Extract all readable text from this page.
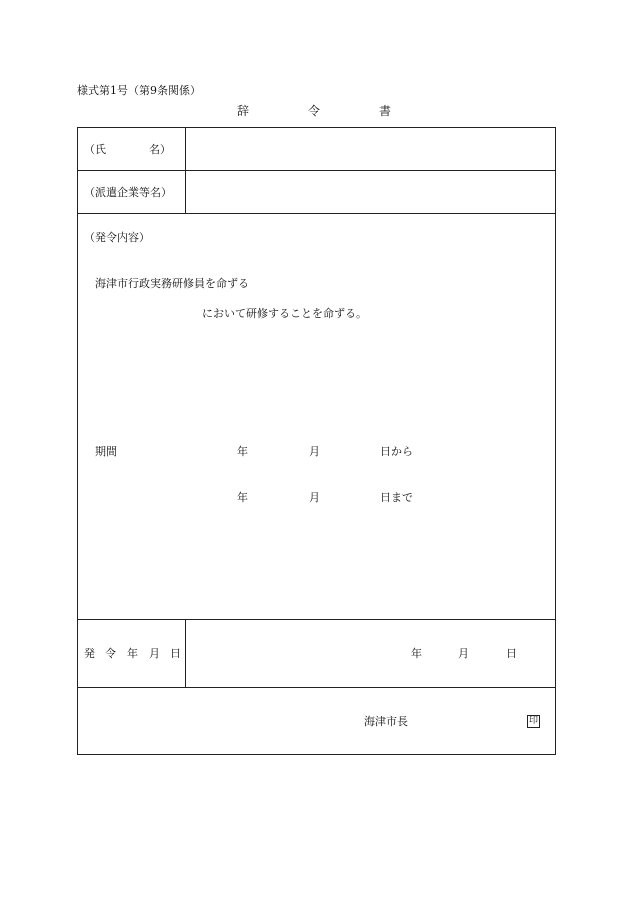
様式第1号（第9条関係）
辞	令	書
（氏	名）
（派遣企業等名）
（発令内容）
海津市行政実務研修員を命ずる
において研修することを命ずる。
期間	年	月	日から
年	月	日まで
発 令 年 月 日	年	月	日
海津市長	印
